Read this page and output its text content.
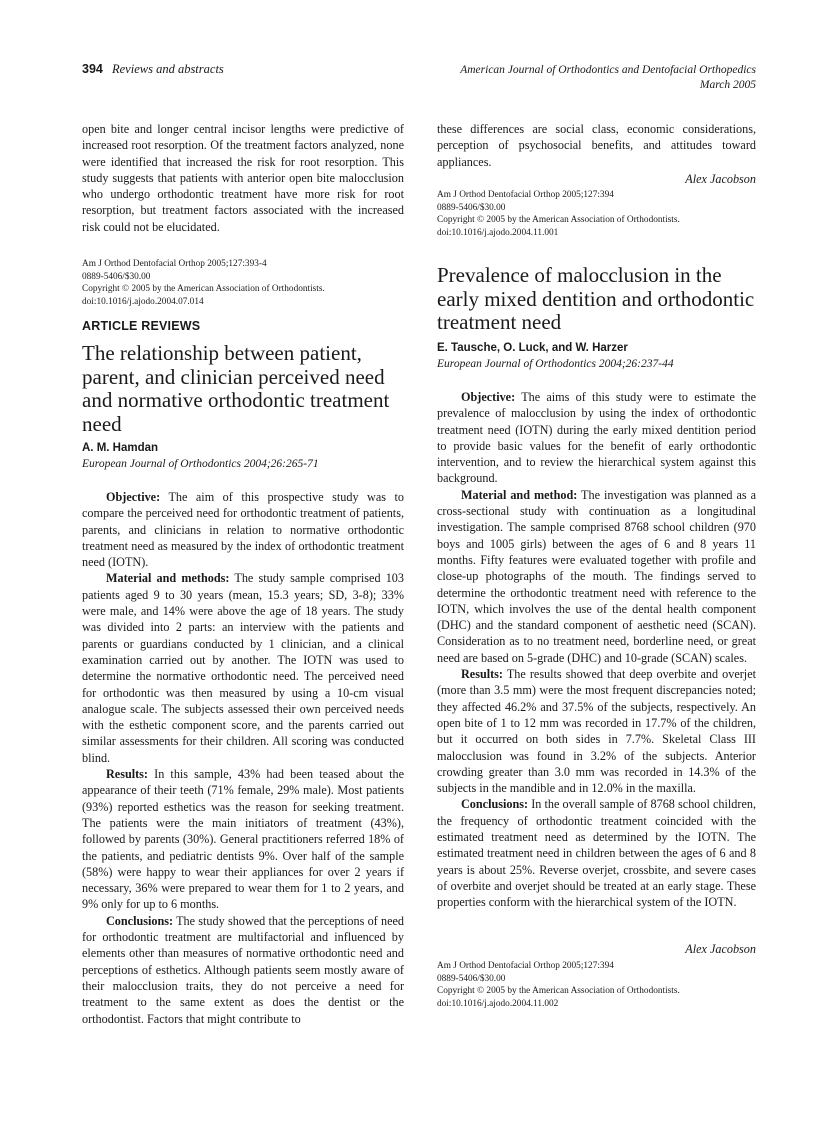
394 Reviews and abstracts	American Journal of Orthodontics and Dentofacial Orthopedics
March 2005

open bite and longer central incisor lengths were predictive of increased root resorption. Of the treatment factors analyzed, none were identified that increased the risk for root resorption. This study suggests that patients with anterior open bite malocclusion who undergo orthodontic treatment have more risk for root resorption, but treatment factors associated with the increased risk could not be elucidated.

Am J Orthod Dentofacial Orthop 2005;127:393-4
0889-5406/$30.00
Copyright © 2005 by the American Association of Orthodontists.
doi:10.1016/j.ajodo.2004.07.014
ARTICLE REVIEWS
The relationship between patient, parent, and clinician perceived need and normative orthodontic treatment need
A. M. Hamdan
European Journal of Orthodontics 2004;26:265-71

Objective: The aim of this prospective study was to compare the perceived need for orthodontic treatment of patients, parents, and clinicians in relation to normative orthodontic treatment need as measured by the index of orthodontic treatment need (IOTN).

Material and methods: The study sample comprised 103 patients aged 9 to 30 years (mean, 15.3 years; SD, 3-8); 33% were male, and 14% were above the age of 18 years. The study was divided into 2 parts: an interview with the patients and parents or guardians conducted by 1 clinician, and a clinical examination carried out by another. The IOTN was used to determine the normative orthodontic need. The perceived need for orthodontic was then measured by using a 10-cm visual analogue scale. The subjects assessed their own perceived needs with the esthetic component score, and the parents carried out similar assessments for their children. All scoring was conducted blind.

Results: In this sample, 43% had been teased about the appearance of their teeth (71% female, 29% male). Most patients (93%) reported esthetics was the reason for seeking treatment. The patients were the main initiators of treatment (43%), followed by parents (30%). General practitioners referred 18% of the patients, and pediatric dentists 9%. Over half of the sample (58%) were happy to wear their appliances for over 2 years if necessary, 36% were prepared to wear them for 1 to 2 years, and 9% only for up to 6 months.

Conclusions: The study showed that the perceptions of need for orthodontic treatment are multifactorial and influenced by elements other than measures of normative orthodontic need and perceptions of esthetics. Although patients seem mostly aware of their malocclusion traits, they do not perceive a need for treatment to the same extent as does the dentist or the orthodontist. Factors that might contribute to

these differences are social class, economic considerations, perception of psychosocial benefits, and attitudes toward appliances.

Alex Jacobson
Am J Orthod Dentofacial Orthop 2005;127:394
0889-5406/$30.00
Copyright © 2005 by the American Association of Orthodontists.
doi:10.1016/j.ajodo.2004.11.001
Prevalence of malocclusion in the early mixed dentition and orthodontic treatment need
E. Tausche, O. Luck, and W. Harzer
European Journal of Orthodontics 2004;26:237-44

Objective: The aims of this study were to estimate the prevalence of malocclusion by using the index of orthodontic treatment need (IOTN) during the early mixed dentition period to provide basic values for the benefit of early orthodontic intervention, and to review the hierarchical system against this background.

Material and method: The investigation was planned as a cross-sectional study with continuation as a longitudinal investigation. The sample comprised 8768 school children (970 boys and 1005 girls) between the ages of 6 and 8 years 11 months. Fifty features were evaluated together with profile and close-up photographs of the mouth. The findings served to determine the orthodontic treatment need with reference to the IOTN, which involves the use of the dental health component (DHC) and the standard component of aesthetic need (SCAN). Consideration as to no treatment need, borderline need, or great need are based on 5-grade (DHC) and 10-grade (SCAN) scales.

Results: The results showed that deep overbite and overjet (more than 3.5 mm) were the most frequent discrepancies noted; they affected 46.2% and 37.5% of the subjects, respectively. An open bite of 1 to 12 mm was recorded in 17.7% of the children, but it occurred on both sides in 7.7%. Skeletal Class III malocclusion was found in 3.2% of the subjects. Anterior crowding greater than 3.0 mm was recorded in 14.3% of the subjects in the mandible and in 12.0% in the maxilla.

Conclusions: In the overall sample of 8768 school children, the frequency of orthodontic treatment coincided with the estimated treatment need as determined by the IOTN. The estimated treatment need in children between the ages of 6 and 8 years is about 25%. Reverse overjet, crossbite, and severe cases of overbite and overjet should be treated at an early stage. These properties conform with the hierarchical system of the IOTN.

Alex Jacobson
Am J Orthod Dentofacial Orthop 2005;127:394
0889-5406/$30.00
Copyright © 2005 by the American Association of Orthodontists.
doi:10.1016/j.ajodo.2004.11.002
